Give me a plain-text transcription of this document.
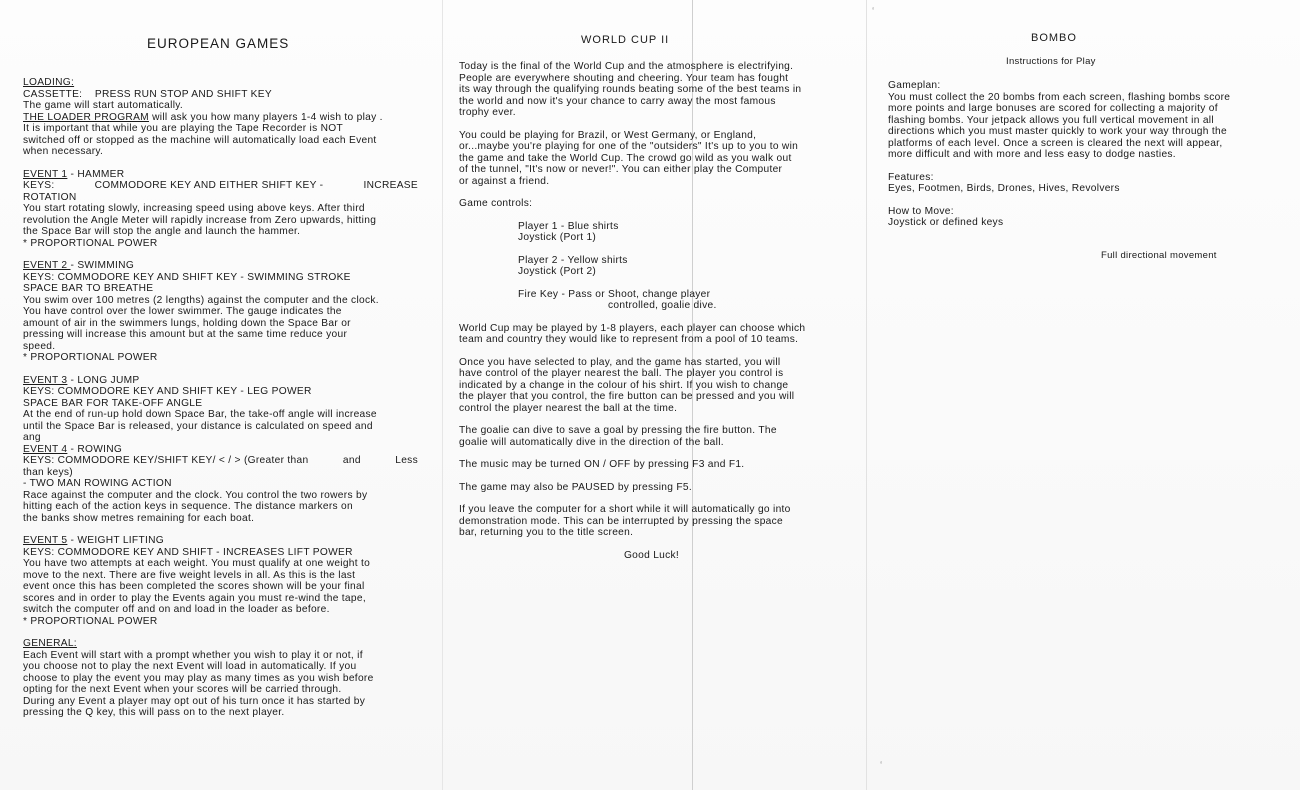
‘
‘
EUROPEAN GAMES

LOADING:

CASSETTE: PRESS RUN STOP AND SHIFT KEY

The game will start automatically.

THE LOADER PROGRAM will ask you how many players 1-4 wish to play .

It is important that while you are playing the Tape Recorder is NOT

switched off or stopped as the machine will automatically load each Event

when necessary.

EVENT 1 - HAMMER

KEYS:	COMMODORE KEY AND EITHER SHIFT KEY -	INCREASE

ROTATION

You start rotating slowly, increasing speed using above keys. After third

revolution the Angle Meter will rapidly increase from Zero upwards, hitting

the Space Bar will stop the angle and launch the hammer.

* PROPORTIONAL POWER

EVENT 2 - SWIMMING

KEYS: COMMODORE KEY AND SHIFT KEY - SWIMMING STROKE

SPACE BAR TO BREATHE

You swim over 100 metres (2 lengths) against the computer and the clock.

You have control over the lower swimmer. The gauge indicates the

amount of air in the swimmers lungs, holding down the Space Bar or

pressing will increase this amount but at the same time reduce your

speed.

* PROPORTIONAL POWER

EVENT 3 - LONG JUMP

KEYS: COMMODORE KEY AND SHIFT KEY - LEG POWER

SPACE BAR FOR TAKE-OFF ANGLE

At the end of run-up hold down Space Bar, the take-off angle will increase

until the Space Bar is released, your distance is calculated on speed and

ang

EVENT 4 - ROWING

KEYS: COMMODORE KEY/SHIFT KEY/ < / > (Greater than	and	Less

than keys)

- TWO MAN ROWING ACTION

Race against the computer and the clock. You control the two rowers by

hitting each of the action keys in sequence. The distance markers on

the banks show metres remaining for each boat.

EVENT 5 - WEIGHT LIFTING

KEYS: COMMODORE KEY AND SHIFT - INCREASES LIFT POWER

You have two attempts at each weight. You must qualify at one weight to

move to the next. There are five weight levels in all. As this is the last

event once this has been completed the scores shown will be your final

scores and in order to play the Events again you must re-wind the tape,

switch the computer off and on and load in the loader as before.

* PROPORTIONAL POWER

GENERAL:

Each Event will start with a prompt whether you wish to play it or not, if

you choose not to play the next Event will load in automatically. If you

choose to play the event you may play as many times as you wish before

opting for the next Event when your scores will be carried through.

During any Event a player may opt out of his turn once it has started by

pressing the Q key, this will pass on to the next player.

WORLD CUP II

Today is the final of the World Cup and the atmosphere is electrifying.

People are everywhere shouting and cheering. Your team has fought

its way through the qualifying rounds beating some of the best teams in

the world and now it's your chance to carry away the most famous

trophy ever.

You could be playing for Brazil, or West Germany, or England,

or...maybe you're playing for one of the "outsiders" It's up to you to win

the game and take the World Cup. The crowd go wild as you walk out

of the tunnel, "It's now or never!". You can either play the Computer

or against a friend.

Game controls:

Player 1 - Blue shirts

Joystick (Port 1)

Player 2 - Yellow shirts

Joystick (Port 2)

Fire Key - Pass or Shoot, change player

controlled, goalie dive.

World Cup may be played by 1-8 players, each player can choose which

team and country they would like to represent from a pool of 10 teams.

Once you have selected to play, and the game has started, you will

have control of the player nearest the ball. The player you control is

indicated by a change in the colour of his shirt. If you wish to change

the player that you control, the fire button can be pressed and you will

control the player nearest the ball at the time.

The goalie can dive to save a goal by pressing the fire button. The

goalie will automatically dive in the direction of the ball.

The music may be turned ON / OFF by pressing F3 and F1.

The game may also be PAUSED by pressing F5.

If you leave the computer for a short while it will automatically go into

demonstration mode. This can be interrupted by pressing the space

bar, returning you to the title screen.

Good Luck!

BOMBO
Instructions for Play

Gameplan:

You must collect the 20 bombs from each screen, flashing bombs score

more points and large bonuses are scored for collecting a majority of

flashing bombs. Your jetpack allows you full vertical movement in all

directions which you must master quickly to work your way through the

platforms of each level. Once a screen is cleared the next will appear,

more difficult and with more and less easy to dodge nasties.

Features:

Eyes, Footmen, Birds, Drones, Hives, Revolvers

How to Move:

Joystick or defined keys

Full directional movement
